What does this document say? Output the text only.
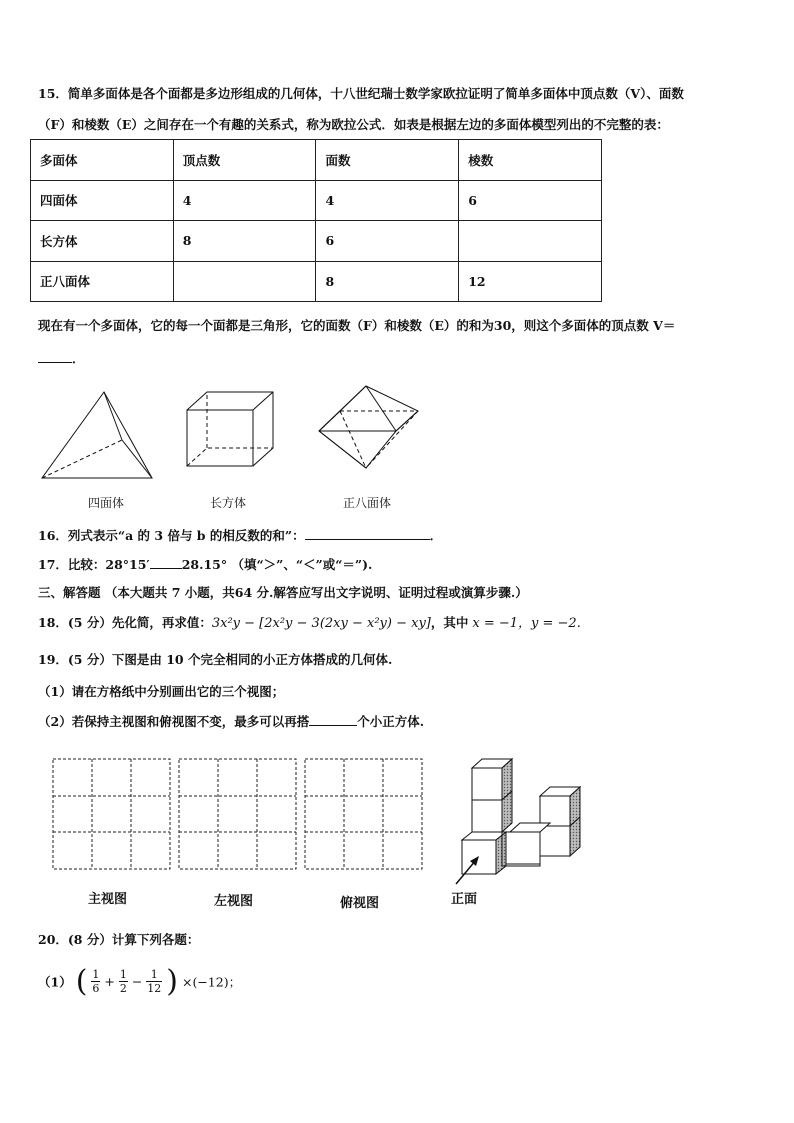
15．简单多面体是各个面都是多边形组成的几何体，十八世纪瑞士数学家欧拉证明了简单多面体中顶点数（V）、面数
（F）和棱数（E）之间存在一个有趣的关系式，称为欧拉公式．如表是根据左边的多面体模型列出的不完整的表：
多面体	顶点数	面数	棱数
四面体	4	4	6
长方体	8	6	
正八面体		8	12
现在有一个多面体，它的每一个面都是三角形，它的面数（F）和棱数（E）的和为30，则这个多面体的顶点数 V＝
．
四面体	长方体	正八面体
16．列式表示“a 的 3 倍与 b 的相反数的和”：	．
17．比较：28°15′	28.15° （填“＞”、“＜”或“＝”).
三、解答题 （本大题共 7 小题，共64 分.解答应写出文字说明、证明过程或演算步骤.）
18．(5 分）先化简，再求值：3x²y − [2x²y − 3(2xy − x²y) − xy]，其中 x = −1，y = −2.
19．(5 分）下图是由 10 个完全相同的小正方体搭成的几何体.
（1）请在方格纸中分别画出它的三个视图；
（2）若保持主视图和俯视图不变，最多可以再搭	个小正方体.
主视图	左视图	俯视图	正面
20．(8 分）计算下列各题：
（1） ( $\frac{1}{6} + \frac{1}{2} - \frac{1}{12}$ ) ×(−12)；
